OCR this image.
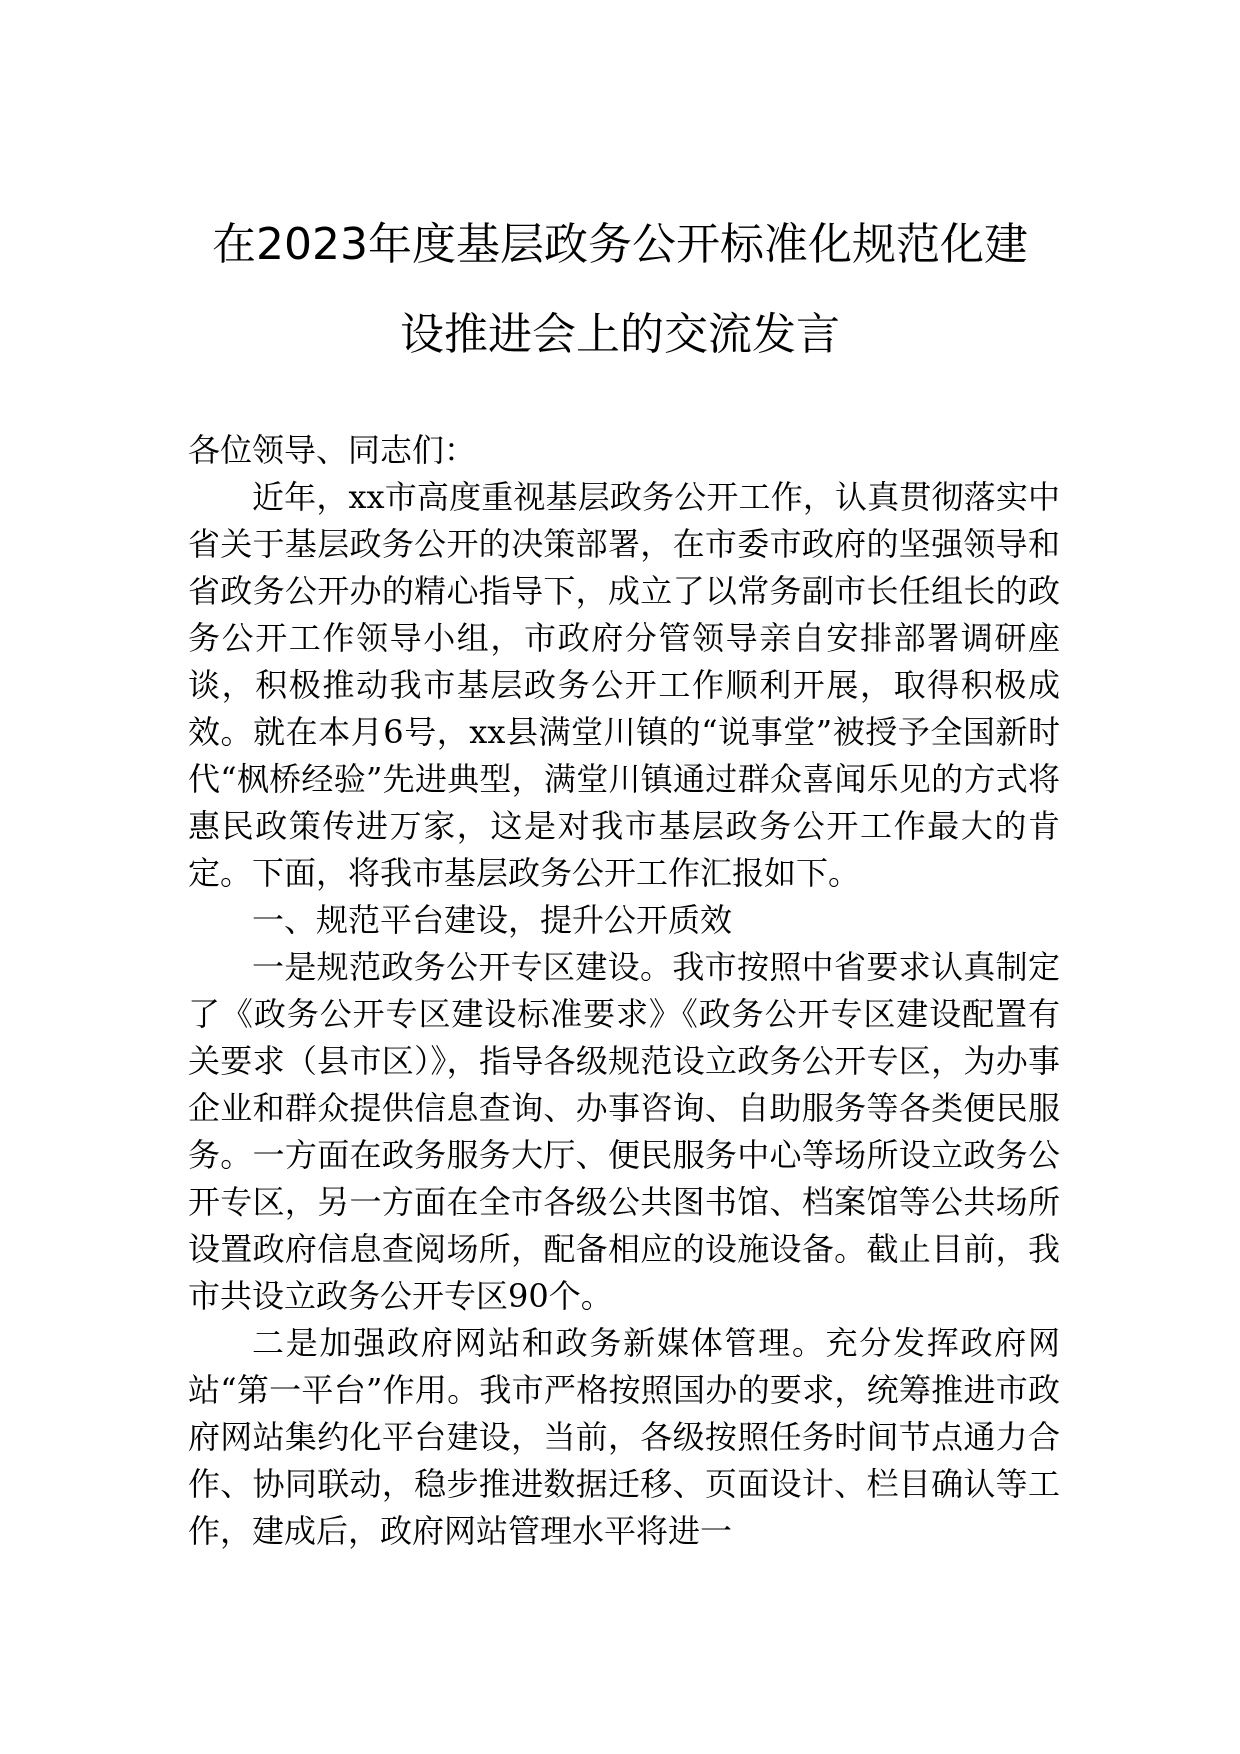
在2023年度基层政务公开标准化规范化建
设推进会上的交流发言

各位领导、同志们：

近年，xx市高度重视基层政务公开工作，认真贯彻落实中省关于基层政务公开的决策部署，在市委市政府的坚强领导和省政务公开办的精心指导下，成立了以常务副市长任组长的政务公开工作领导小组，市政府分管领导亲自安排部署调研座谈，积极推动我市基层政务公开工作顺利开展，取得积极成效。就在本月6号，xx县满堂川镇的“说事堂”被授予全国新时代“枫桥经验”先进典型，满堂川镇通过群众喜闻乐见的方式将惠民政策传进万家，这是对我市基层政务公开工作最大的肯定。下面，将我市基层政务公开工作汇报如下。

一、规范平台建设，提升公开质效

一是规范政务公开专区建设。我市按照中省要求认真制定了《政务公开专区建设标准要求》《政务公开专区建设配置有关要求（县市区）》，指导各级规范设立政务公开专区，为办事企业和群众提供信息查询、办事咨询、自助服务等各类便民服务。一方面在政务服务大厅、便民服务中心等场所设立政务公开专区，另一方面在全市各级公共图书馆、档案馆等公共场所设置政府信息查阅场所，配备相应的设施设备。截止目前，我市共设立政务公开专区90个。

二是加强政府网站和政务新媒体管理。充分发挥政府网站“第一平台”作用。我市严格按照国办的要求，统筹推进市政府网站集约化平台建设，当前，各级按照任务时间节点通力合作、协同联动，稳步推进数据迁移、页面设计、栏目确认等工作，建成后，政府网站管理水平将进一
